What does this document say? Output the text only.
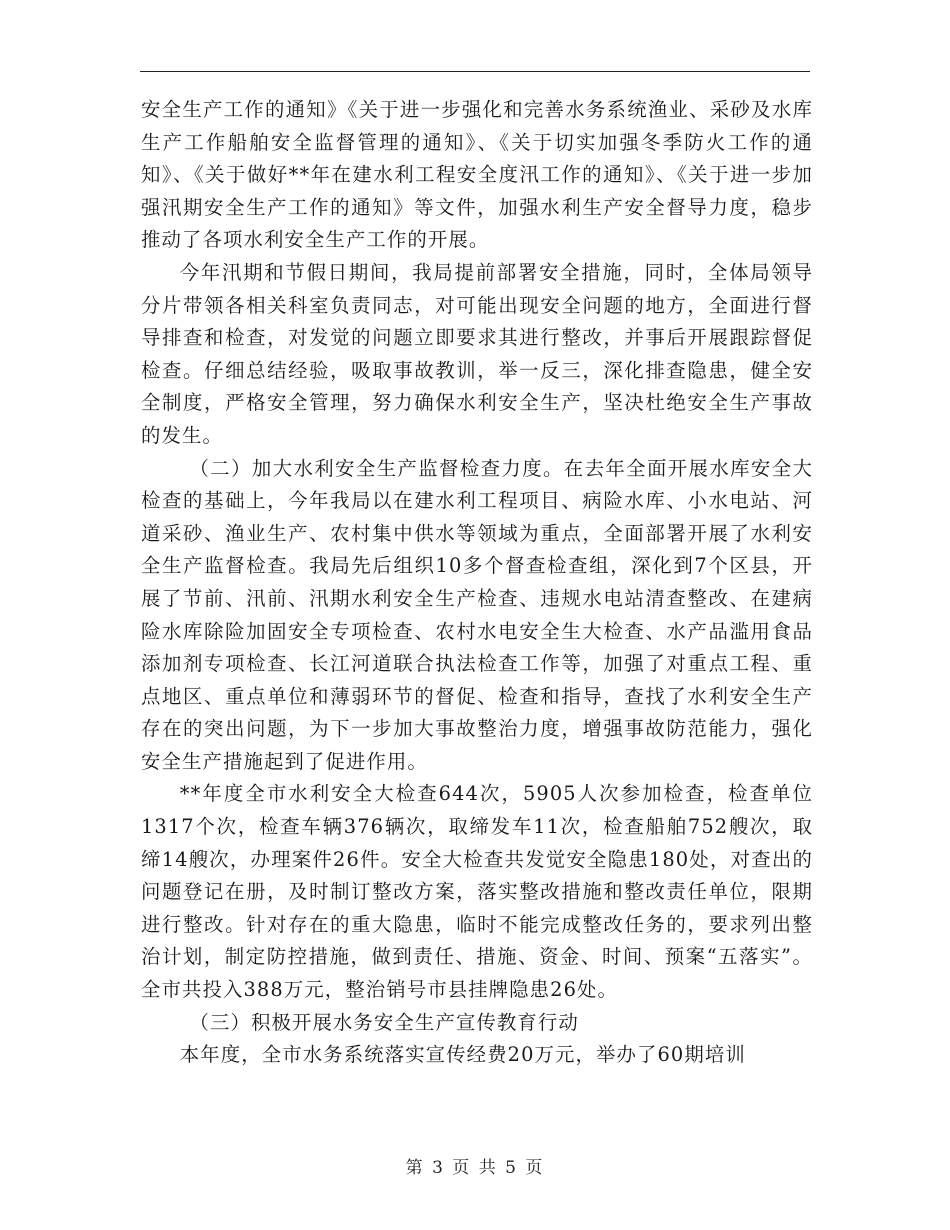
安全生产工作的通知》《关于进一步强化和完善水务系统渔业、采砂及水库生产工作船舶安全监督管理的通知》、《关于切实加强冬季防火工作的通知》、《关于做好**年在建水利工程安全度汛工作的通知》、《关于进一步加强汛期安全生产工作的通知》等文件，加强水利生产安全督导力度，稳步推动了各项水利安全生产工作的开展。

今年汛期和节假日期间，我局提前部署安全措施，同时，全体局领导分片带领各相关科室负责同志，对可能出现安全问题的地方，全面进行督导排查和检查，对发觉的问题立即要求其进行整改，并事后开展跟踪督促检查。仔细总结经验，吸取事故教训，举一反三，深化排查隐患，健全安全制度，严格安全管理，努力确保水利安全生产，坚决杜绝安全生产事故的发生。

（二）加大水利安全生产监督检查力度。在去年全面开展水库安全大检查的基础上，今年我局以在建水利工程项目、病险水库、小水电站、河道采砂、渔业生产、农村集中供水等领域为重点，全面部署开展了水利安全生产监督检查。我局先后组织10多个督查检查组，深化到7个区县，开展了节前、汛前、汛期水利安全生产检查、违规水电站清查整改、在建病险水库除险加固安全专项检查、农村水电安全生大检查、水产品滥用食品添加剂专项检查、长江河道联合执法检查工作等，加强了对重点工程、重点地区、重点单位和薄弱环节的督促、检查和指导，查找了水利安全生产存在的突出问题，为下一步加大事故整治力度，增强事故防范能力，强化安全生产措施起到了促进作用。

**年度全市水利安全大检查644次，5905人次参加检查，检查单位1317个次，检查车辆376辆次，取缔发车11次，检查船舶752艘次，取缔14艘次，办理案件26件。安全大检查共发觉安全隐患180处，对查出的问题登记在册，及时制订整改方案，落实整改措施和整改责任单位，限期进行整改。针对存在的重大隐患，临时不能完成整改任务的，要求列出整治计划，制定防控措施，做到责任、措施、资金、时间、预案“五落实”。全市共投入388万元，整治销号市县挂牌隐患26处。

（三）积极开展水务安全生产宣传教育行动

本年度，全市水务系统落实宣传经费20万元，举办了60期培训

第 3 页 共 5 页
